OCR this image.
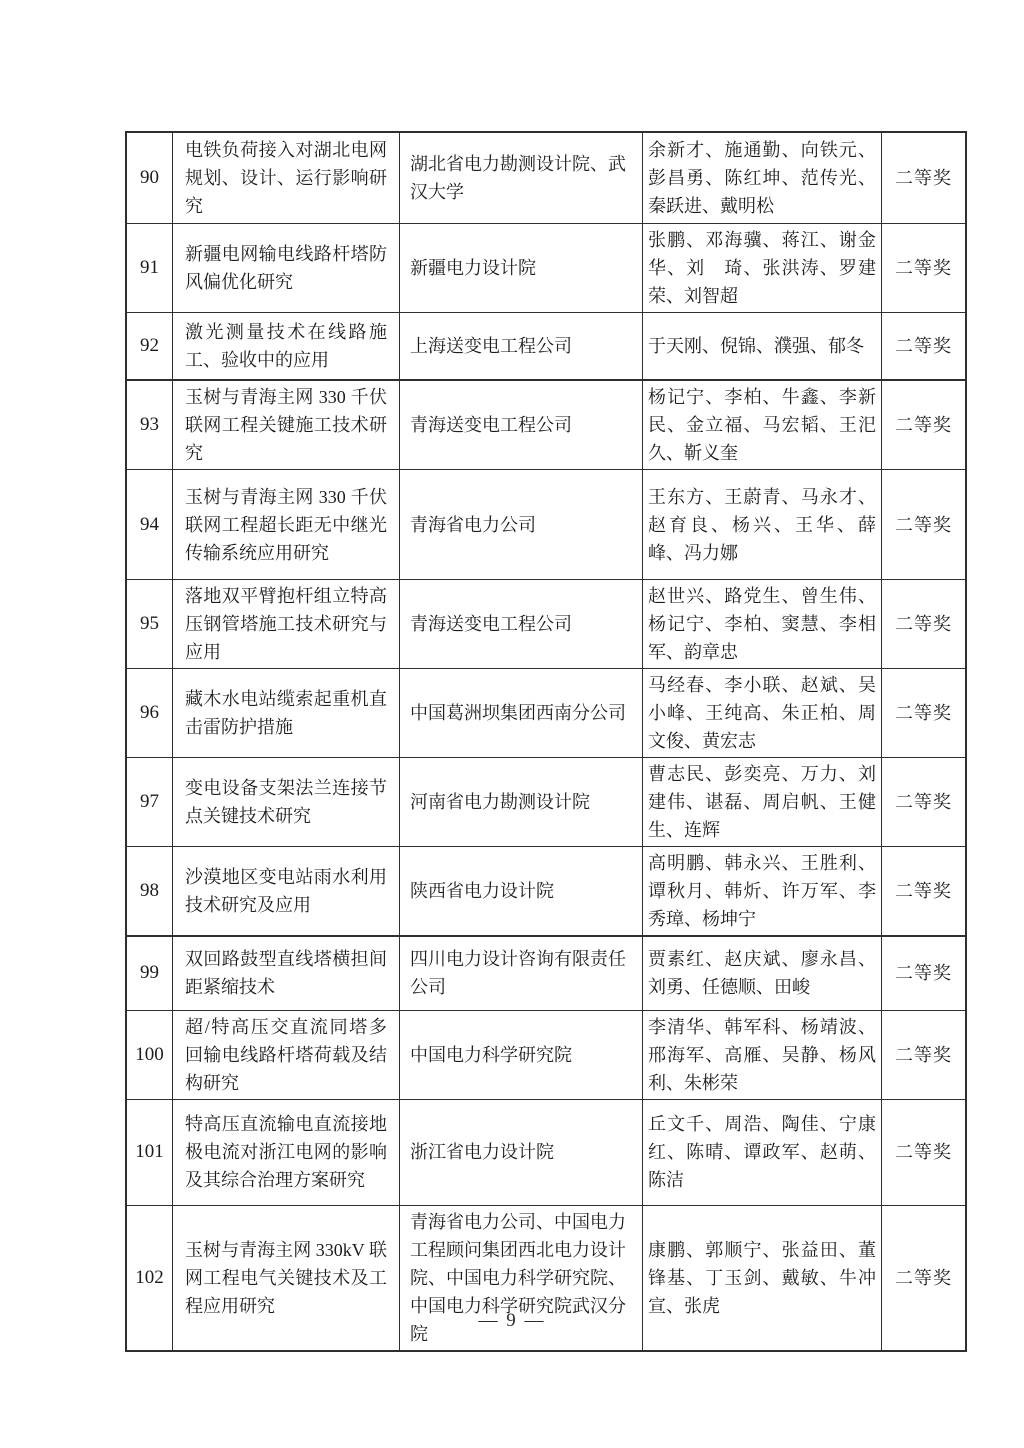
90	电铁负荷接入对湖北电网规划、设计、运行影响研究	湖北省电力勘测设计院、武汉大学	余新才、施通勤、向铁元、彭昌勇、陈红坤、范传光、秦跃进、戴明松	二等奖
91	新疆电网输电线路杆塔防风偏优化研究	新疆电力设计院	张鹏、邓海骥、蒋江、谢金华、刘　琦、张洪涛、罗建荣、刘智超	二等奖
92	激光测量技术在线路施工、验收中的应用	上海送变电工程公司	于天刚、倪锦、濮强、郁冬	二等奖
93	玉树与青海主网 330 千伏联网工程关键施工技术研究	青海送变电工程公司	杨记宁、李柏、牛鑫、李新民、金立福、马宏韬、王汜久、靳义奎	二等奖
94	玉树与青海主网 330 千伏联网工程超长距无中继光传输系统应用研究	青海省电力公司	王东方、王蔚青、马永才、赵育良、杨兴、王华、薛峰、冯力娜	二等奖
95	落地双平臂抱杆组立特高压钢管塔施工技术研究与应用	青海送变电工程公司	赵世兴、路党生、曾生伟、杨记宁、李柏、窦慧、李相军、韵章忠	二等奖
96	藏木水电站缆索起重机直击雷防护措施	中国葛洲坝集团西南分公司	马经春、李小联、赵斌、吴小峰、王纯高、朱正柏、周文俊、黄宏志	二等奖
97	变电设备支架法兰连接节点关键技术研究	河南省电力勘测设计院	曹志民、彭奕亮、万力、刘建伟、谌磊、周启帆、王健生、连辉	二等奖
98	沙漠地区变电站雨水利用技术研究及应用	陕西省电力设计院	高明鹏、韩永兴、王胜利、谭秋月、韩炘、许万军、李秀璋、杨坤宁	二等奖
99	双回路鼓型直线塔横担间距紧缩技术	四川电力设计咨询有限责任公司	贾素红、赵庆斌、廖永昌、刘勇、任德顺、田峻	二等奖
100	超/特高压交直流同塔多回输电线路杆塔荷载及结构研究	中国电力科学研究院	李清华、韩军科、杨靖波、邢海军、高雁、吴静、杨风利、朱彬荣	二等奖
101	特高压直流输电直流接地极电流对浙江电网的影响及其综合治理方案研究	浙江省电力设计院	丘文千、周浩、陶佳、宁康红、陈晴、谭政军、赵萌、陈洁	二等奖
102	玉树与青海主网 330kV 联网工程电气关键技术及工程应用研究	青海省电力公司、中国电力工程顾问集团西北电力设计院、中国电力科学研究院、中国电力科学研究院武汉分院	康鹏、郭顺宁、张益田、董锋基、丁玉剑、戴敏、牛冲宣、张虎	二等奖
— 9 —
